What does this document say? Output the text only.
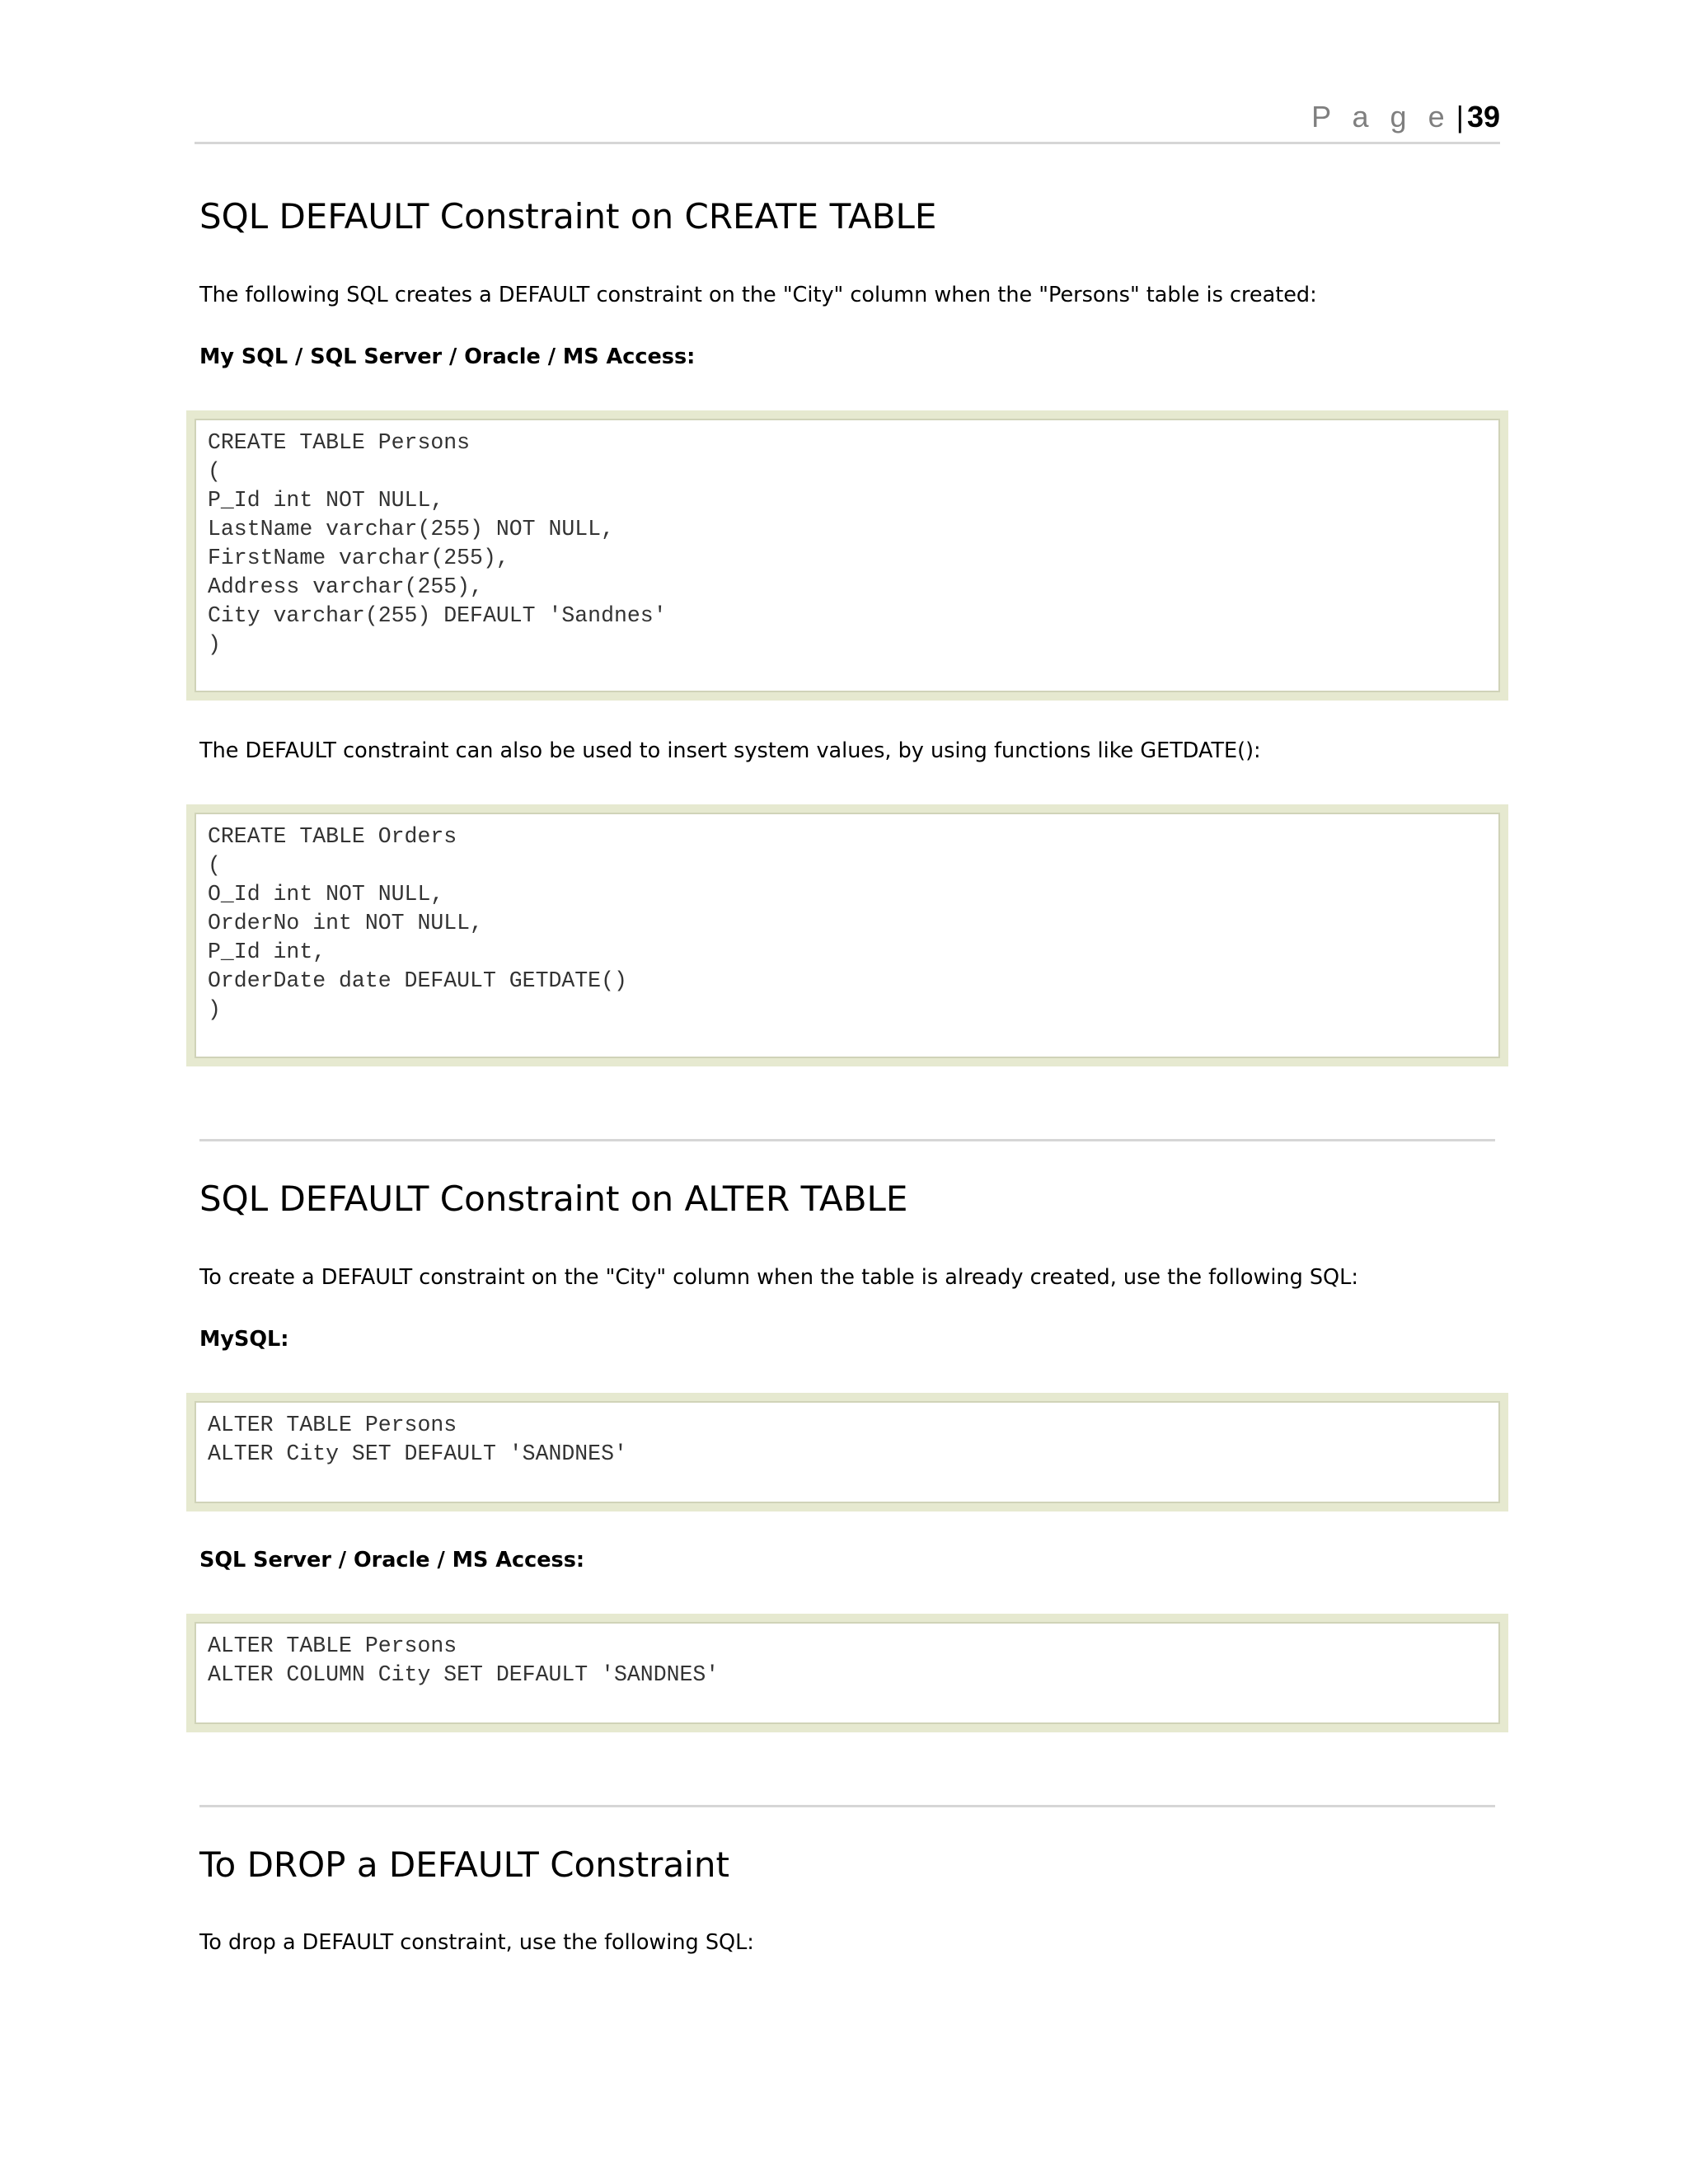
P a g e | 39
SQL DEFAULT Constraint on CREATE TABLE

The following SQL creates a DEFAULT constraint on the "City" column when the "Persons" table is created:

My SQL / SQL Server / Oracle / MS Access:

CREATE TABLE Persons
(
P_Id int NOT NULL,
LastName varchar(255) NOT NULL,
FirstName varchar(255),
Address varchar(255),
City varchar(255) DEFAULT 'Sandnes'
)

The DEFAULT constraint can also be used to insert system values, by using functions like GETDATE():

CREATE TABLE Orders
(
O_Id int NOT NULL,
OrderNo int NOT NULL,
P_Id int,
OrderDate date DEFAULT GETDATE()
)
SQL DEFAULT Constraint on ALTER TABLE

To create a DEFAULT constraint on the "City" column when the table is already created, use the following SQL:

MySQL:

ALTER TABLE Persons
ALTER City SET DEFAULT 'SANDNES'

SQL Server / Oracle / MS Access:

ALTER TABLE Persons
ALTER COLUMN City SET DEFAULT 'SANDNES'
To DROP a DEFAULT Constraint

To drop a DEFAULT constraint, use the following SQL:
